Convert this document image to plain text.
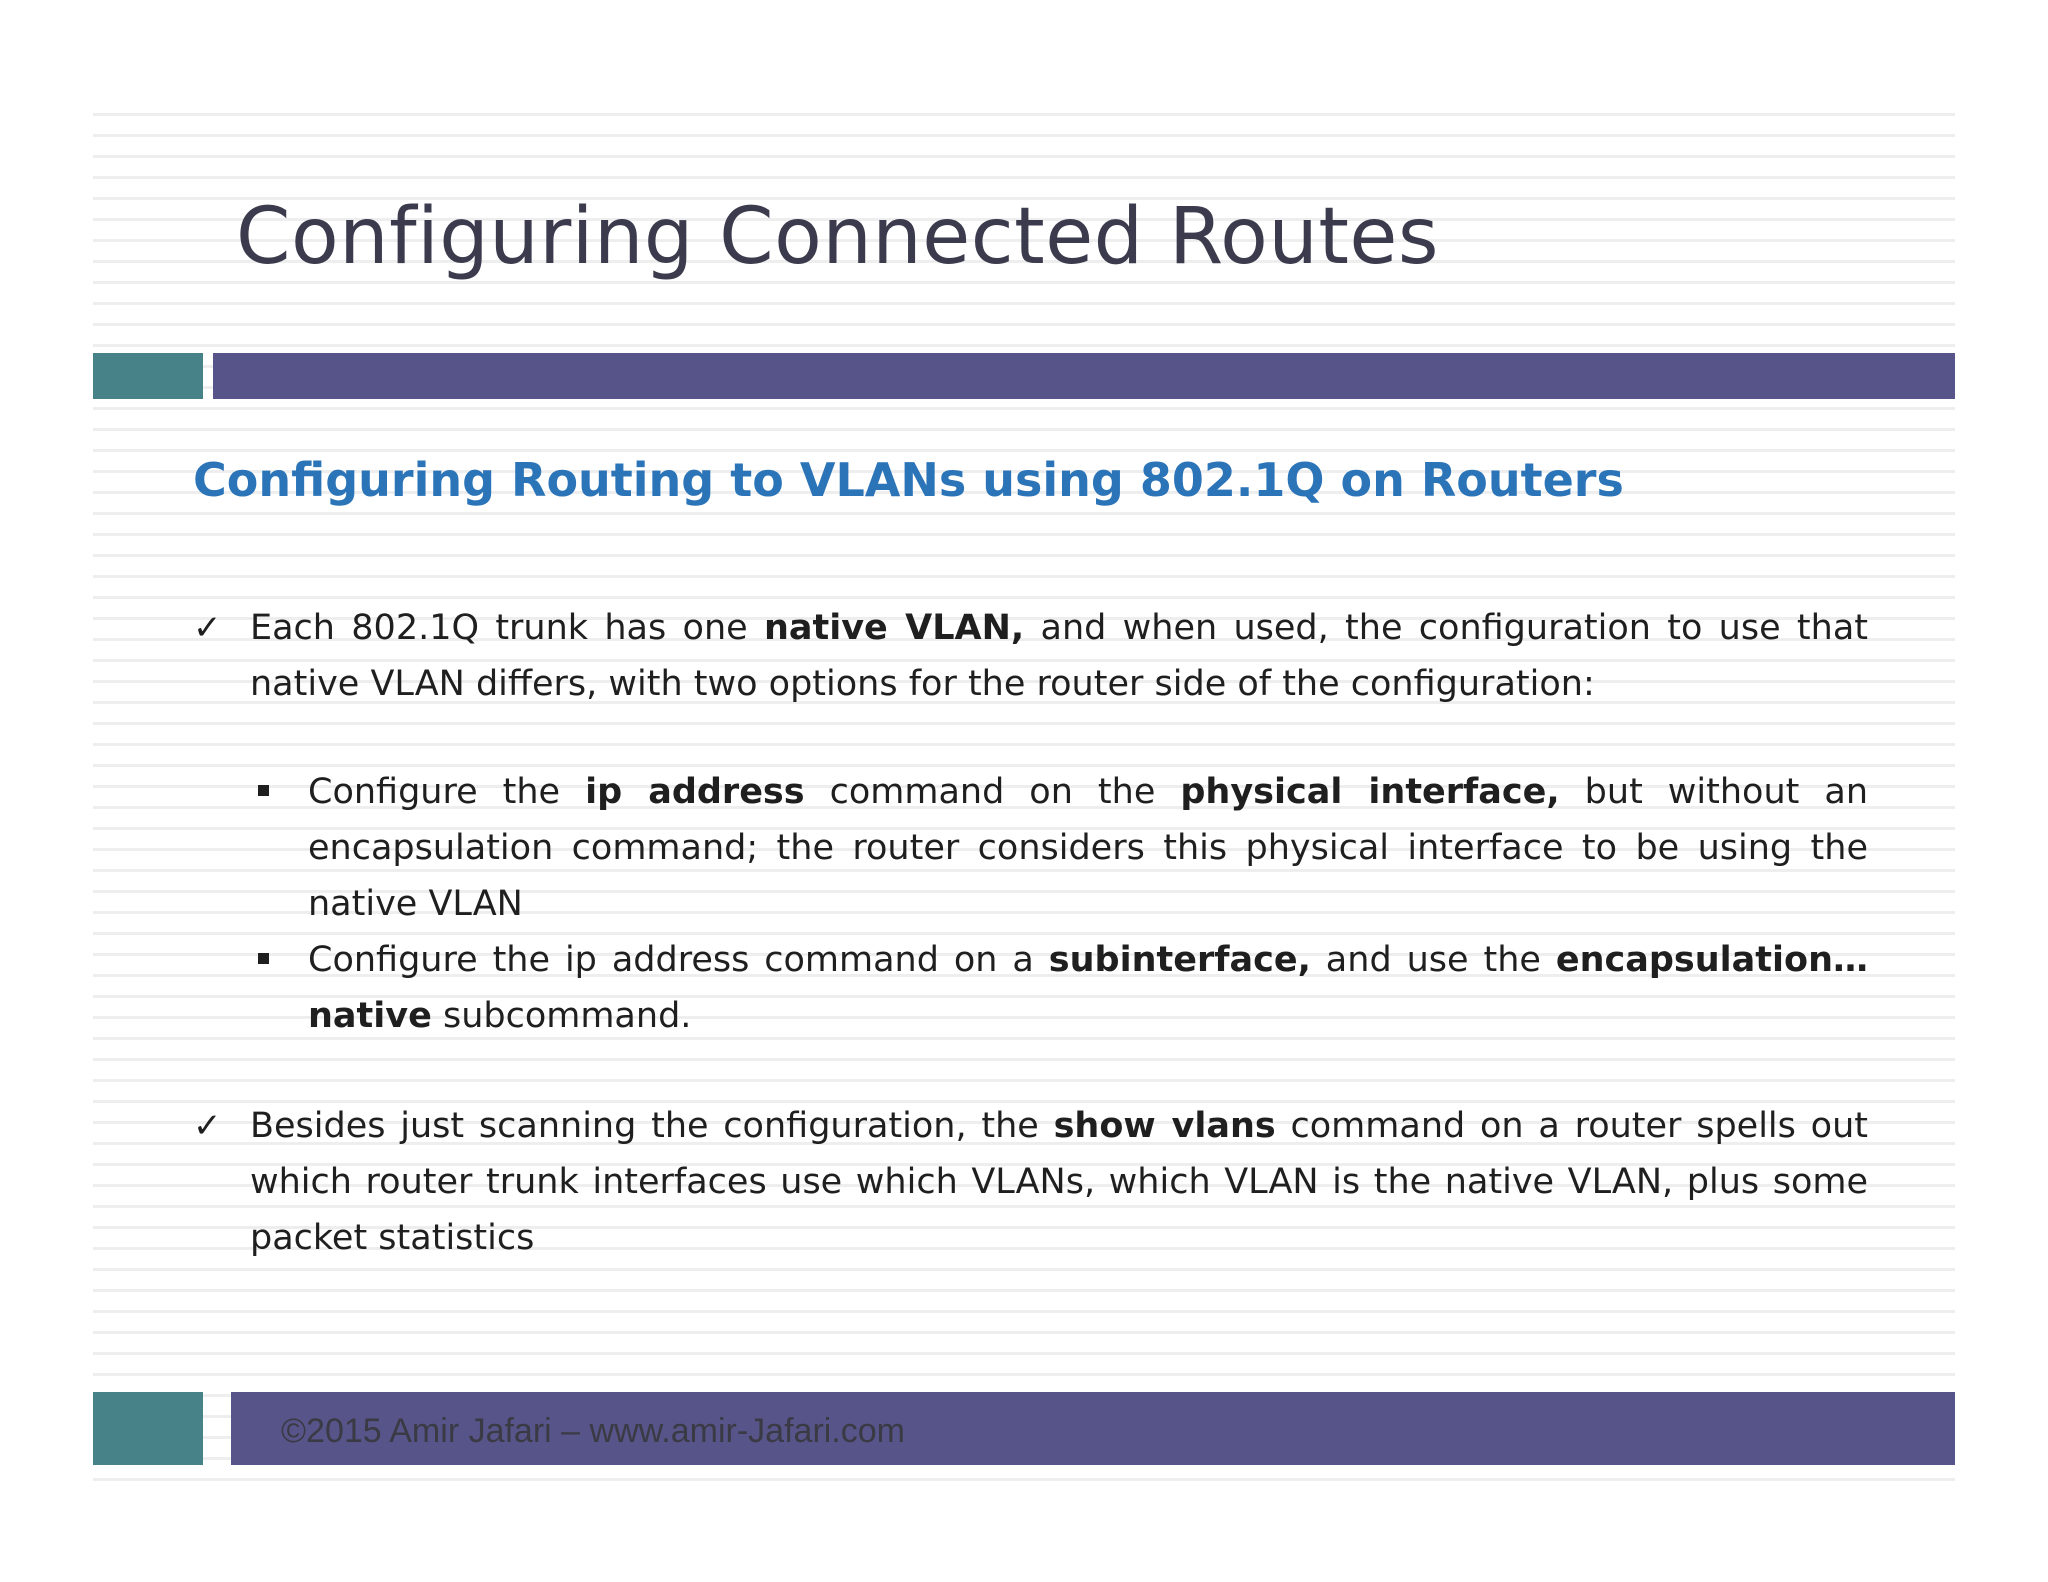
Configuring Connected Routes
Configuring Routing to VLANs using 802.1Q on Routers
✓ Each 802.1Q trunk has one native VLAN, and when used, the configuration to use that native VLAN differs, with two options for the router side of the configuration:
Configure the ip address command on the physical interface, but without an encapsulation command; the router considers this physical interface to be using the native VLAN
Configure the ip address command on a subinterface, and use the encapsulation…native subcommand.
✓ Besides just scanning the configuration, the show vlans command on a router spells out which router trunk interfaces use which VLANs, which VLAN is the native VLAN, plus some packet statistics
©2015 Amir Jafari – www.amir-Jafari.com
